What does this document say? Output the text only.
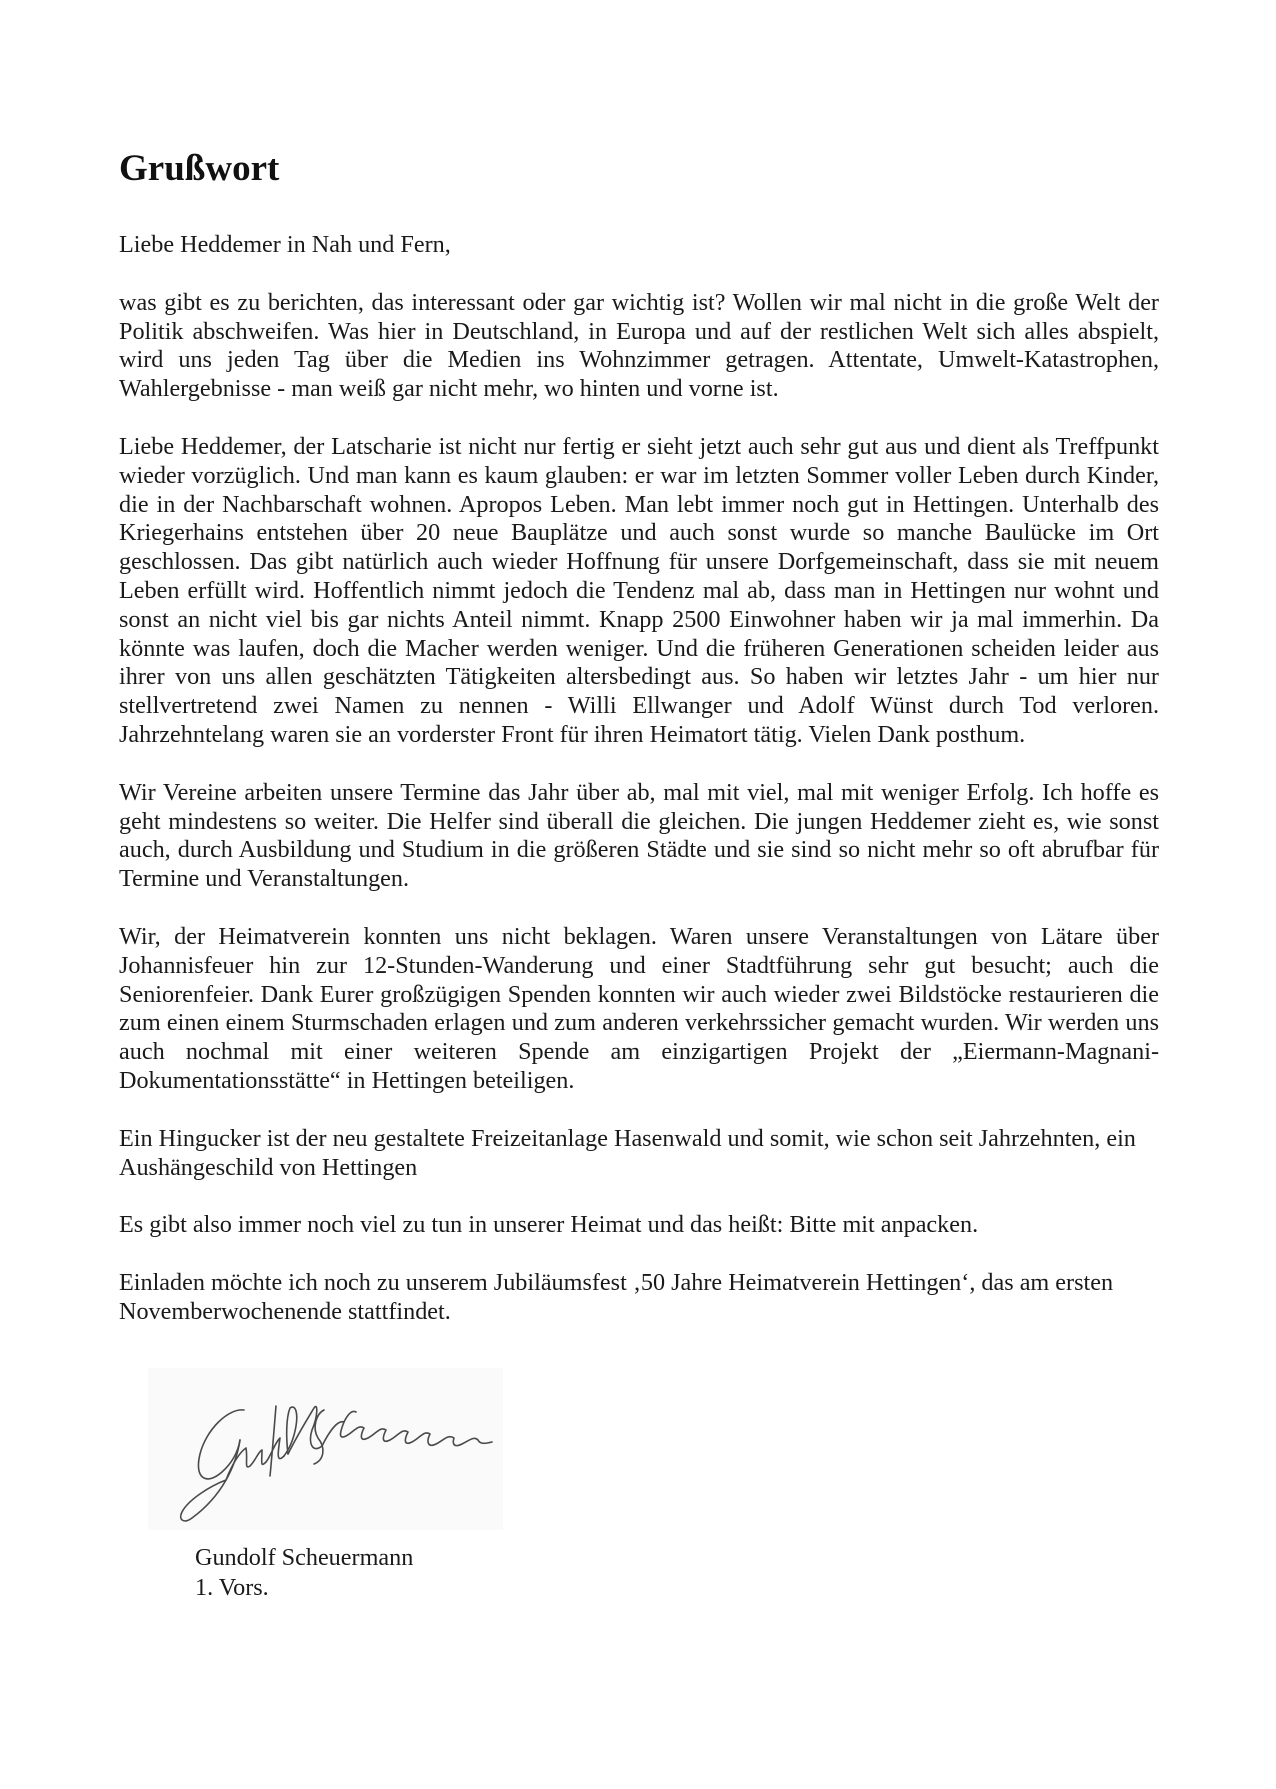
Grußwort

Liebe Heddemer in Nah und Fern,

was gibt es zu berichten, das interessant oder gar wichtig ist? Wollen wir mal nicht in die große Welt der Politik abschweifen. Was hier in Deutschland, in Europa und auf der restlichen Welt sich alles abspielt, wird uns jeden Tag über die Medien ins Wohnzimmer getragen. Attentate, Umwelt-Katastrophen, Wahlergebnisse - man weiß gar nicht mehr, wo hinten und vorne ist.

Liebe Heddemer, der Latscharie ist nicht nur fertig er sieht jetzt auch sehr gut aus und dient als Treffpunkt wieder vorzüglich. Und man kann es kaum glauben: er war im letzten Sommer voller Leben durch Kinder, die in der Nachbarschaft wohnen. Apropos Leben. Man lebt immer noch gut in Hettingen. Unterhalb des Kriegerhains entstehen über 20 neue Bauplätze und auch sonst wurde so manche Baulücke im Ort geschlossen. Das gibt natürlich auch wieder Hoffnung für unsere Dorfgemeinschaft, dass sie mit neuem Leben erfüllt wird. Hoffentlich nimmt jedoch die Tendenz mal ab, dass man in Hettingen nur wohnt und sonst an nicht viel bis gar nichts Anteil nimmt. Knapp 2500 Einwohner haben wir ja mal immerhin. Da könnte was laufen, doch die Macher werden weniger. Und die früheren Generationen scheiden leider aus ihrer von uns allen geschätzten Tätigkeiten altersbedingt aus. So haben wir letztes Jahr - um hier nur stellvertretend zwei Namen zu nennen - Willi Ellwanger und Adolf Wünst durch Tod verloren. Jahrzehntelang waren sie an vorderster Front für ihren Heimatort tätig. Vielen Dank posthum.

Wir Vereine arbeiten unsere Termine das Jahr über ab, mal mit viel, mal mit weniger Erfolg. Ich hoffe es geht mindestens so weiter. Die Helfer sind überall die gleichen. Die jungen Heddemer zieht es, wie sonst auch, durch Ausbildung und Studium in die größeren Städte und sie sind so nicht mehr so oft abrufbar für Termine und Veranstaltungen.

Wir, der Heimatverein konnten uns nicht beklagen. Waren unsere Veranstaltungen von Lätare über Johannisfeuer hin zur 12-Stunden-Wanderung und einer Stadtführung sehr gut besucht; auch die Seniorenfeier. Dank Eurer großzügigen Spenden konnten wir auch wieder zwei Bildstöcke restaurieren die zum einen einem Sturmschaden erlagen und zum anderen verkehrssicher gemacht wurden. Wir werden uns auch nochmal mit einer weiteren Spende am einzigartigen Projekt der „Eiermann-Magnani-Dokumentationsstätte“ in Hettingen beteiligen.

Ein Hingucker ist der neu gestaltete Freizeitanlage Hasenwald und somit, wie schon seit Jahrzehnten, ein Aushängeschild von Hettingen

Es gibt also immer noch viel zu tun in unserer Heimat und das heißt: Bitte mit anpacken.

Einladen möchte ich noch zu unserem Jubiläumsfest ‚50 Jahre Heimatverein Hettingen‘, das am ersten Novemberwochenende stattfindet.

Gundolf Scheuermann
1. Vors.
